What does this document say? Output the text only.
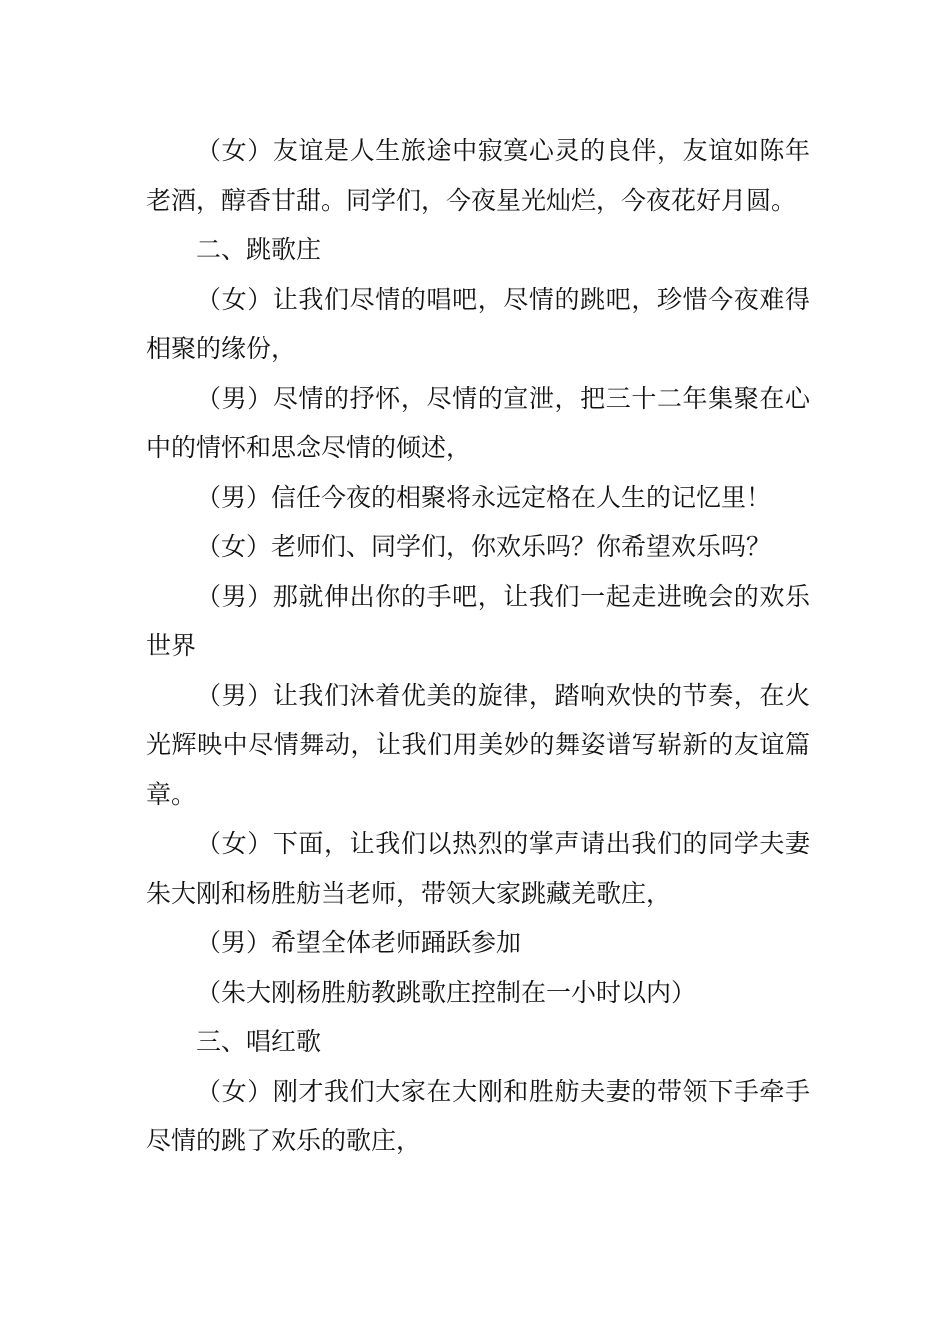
（女）友谊是人生旅途中寂寞心灵的良伴，友谊如陈年老酒，醇香甘甜。同学们，今夜星光灿烂，今夜花好月圆。

二、跳歌庄

（女）让我们尽情的唱吧，尽情的跳吧，珍惜今夜难得相聚的缘份，

（男）尽情的抒怀，尽情的宣泄，把三十二年集聚在心中的情怀和思念尽情的倾述，

（男）信任今夜的相聚将永远定格在人生的记忆里！

（女）老师们、同学们，你欢乐吗？你希望欢乐吗？

（男）那就伸出你的手吧，让我们一起走进晚会的欢乐世界

（男）让我们沐着优美的旋律，踏响欢快的节奏，在火光辉映中尽情舞动，让我们用美妙的舞姿谱写崭新的友谊篇章。

（女）下面，让我们以热烈的掌声请出我们的同学夫妻朱大刚和杨胜舫当老师，带领大家跳藏羌歌庄，

（男）希望全体老师踊跃参加

（朱大刚杨胜舫教跳歌庄控制在一小时以内）

三、唱红歌

（女）刚才我们大家在大刚和胜舫夫妻的带领下手牵手尽情的跳了欢乐的歌庄，
